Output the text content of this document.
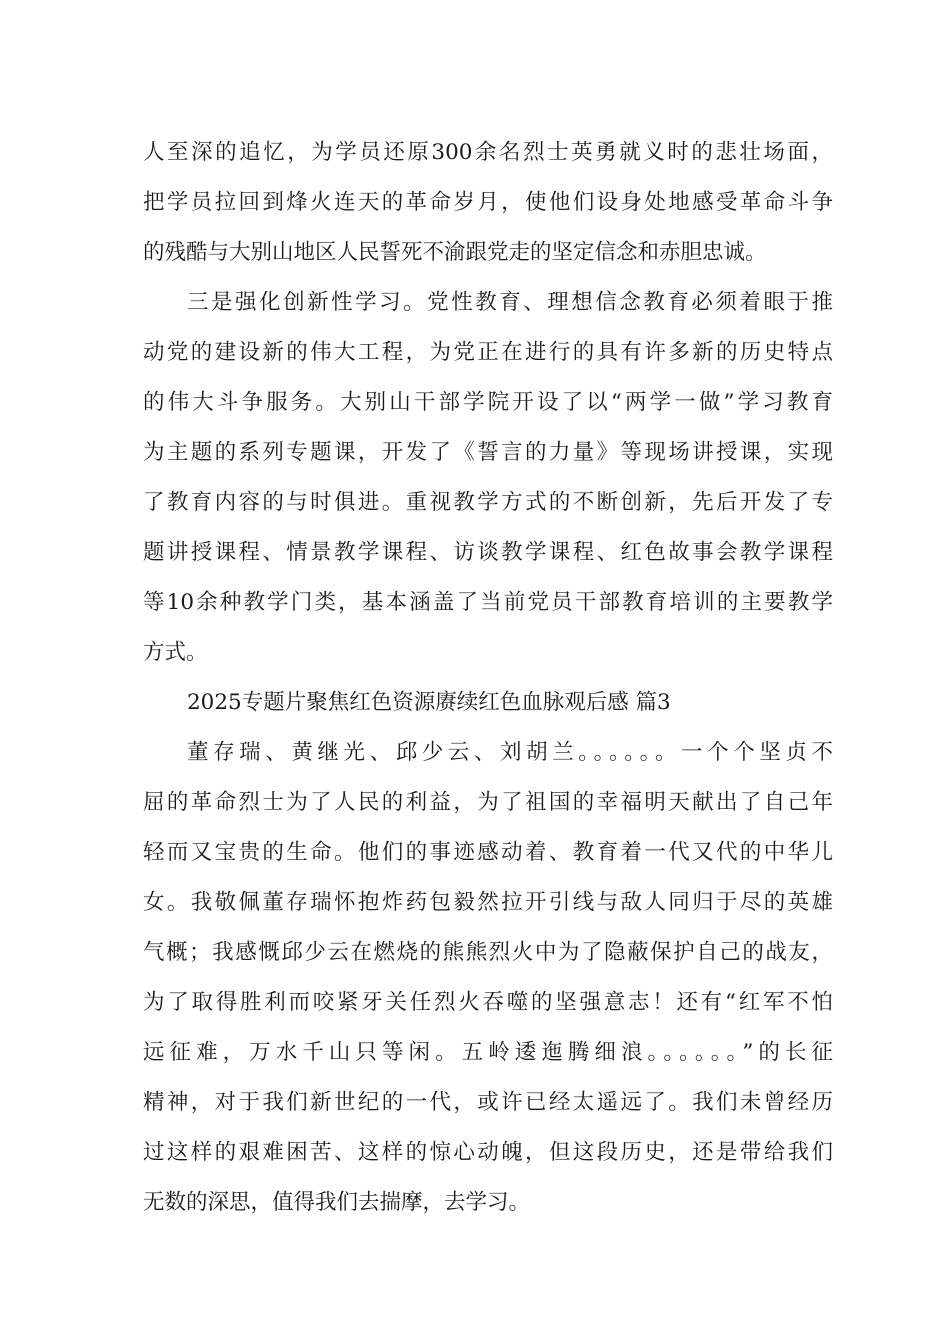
人至深的追忆，为学员还原300余名烈士英勇就义时的悲壮场面，
把学员拉回到烽火连天的革命岁月，使他们设身处地感受革命斗争
的残酷与大别山地区人民誓死不渝跟党走的坚定信念和赤胆忠诚。
三是强化创新性学习。党性教育、理想信念教育必须着眼于推
动党的建设新的伟大工程，为党正在进行的具有许多新的历史特点
的伟大斗争服务。大别山干部学院开设了以“两学一做”学习教育
为主题的系列专题课，开发了《誓言的力量》等现场讲授课，实现
了教育内容的与时俱进。重视教学方式的不断创新，先后开发了专
题讲授课程、情景教学课程、访谈教学课程、红色故事会教学课程
等10余种教学门类，基本涵盖了当前党员干部教育培训的主要教学
方式。
2025专题片聚焦红色资源赓续红色血脉观后感 篇3
董存瑞、黄继光、邱少云、刘胡兰。。。。。。一个个坚贞不
屈的革命烈士为了人民的利益，为了祖国的幸福明天献出了自己年
轻而又宝贵的生命。他们的事迹感动着、教育着一代又代的中华儿
女。我敬佩董存瑞怀抱炸药包毅然拉开引线与敌人同归于尽的英雄
气概；我感慨邱少云在燃烧的熊熊烈火中为了隐蔽保护自己的战友，
为了取得胜利而咬紧牙关任烈火吞噬的坚强意志！还有“红军不怕
远征难，万水千山只等闲。五岭逶迤腾细浪。。。。。。”的长征
精神，对于我们新世纪的一代，或许已经太遥远了。我们未曾经历
过这样的艰难困苦、这样的惊心动魄，但这段历史，还是带给我们
无数的深思，值得我们去揣摩，去学习。
